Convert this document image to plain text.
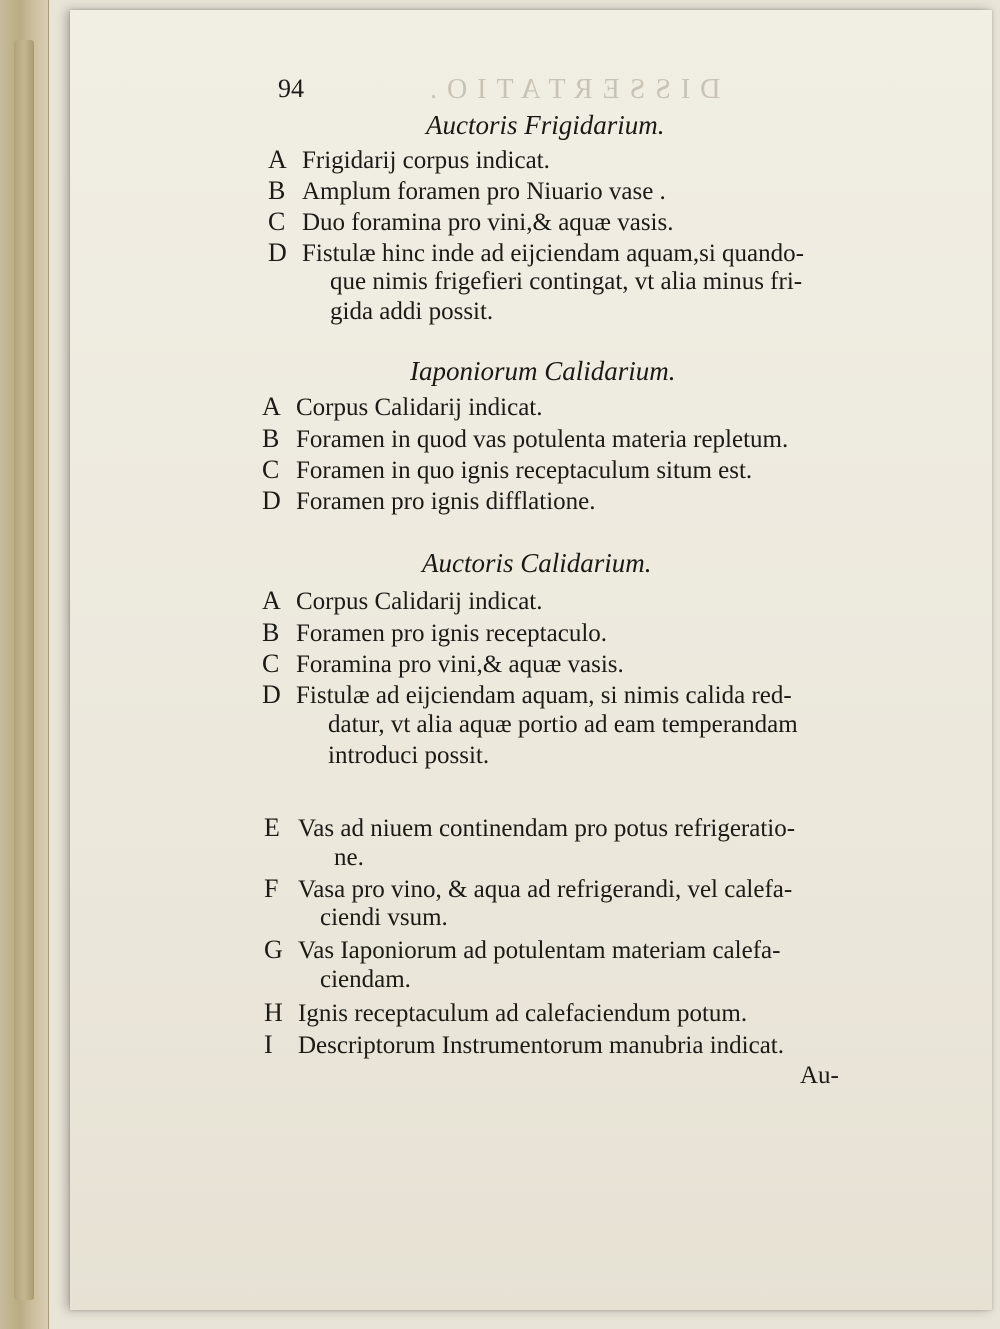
DISSERTATIO.
94
Auctoris Frigidarium.
A Frigidarij corpus indicat.
B Amplum foramen pro Niuario vase .
C Duo foramina pro vini,& aquæ vasis.
D Fistulæ hinc inde ad eijciendam aquam,si quando-
que nimis frigefieri contingat, vt alia minus fri-
gida addi possit.
Iaponiorum Calidarium.
A Corpus Calidarij indicat.
B Foramen in quod vas potulenta materia repletum.
C Foramen in quo ignis receptaculum situm est.
D Foramen pro ignis difflatione.
Auctoris Calidarium.
A Corpus Calidarij indicat.
B Foramen pro ignis receptaculo.
C Foramina pro vini,& aquæ vasis.
D Fistulæ ad eijciendam aquam, si nimis calida red-
datur, vt alia aquæ portio ad eam temperandam
introduci possit.
E Vas ad niuem continendam pro potus refrigeratio-
ne.
F Vasa pro vino, & aqua ad refrigerandi, vel calefa-
ciendi vsum.
G Vas Iaponiorum ad potulentam materiam calefa-
ciendam.
H Ignis receptaculum ad calefaciendum potum.
I Descriptorum Instrumentorum manubria indicat.
Au-
